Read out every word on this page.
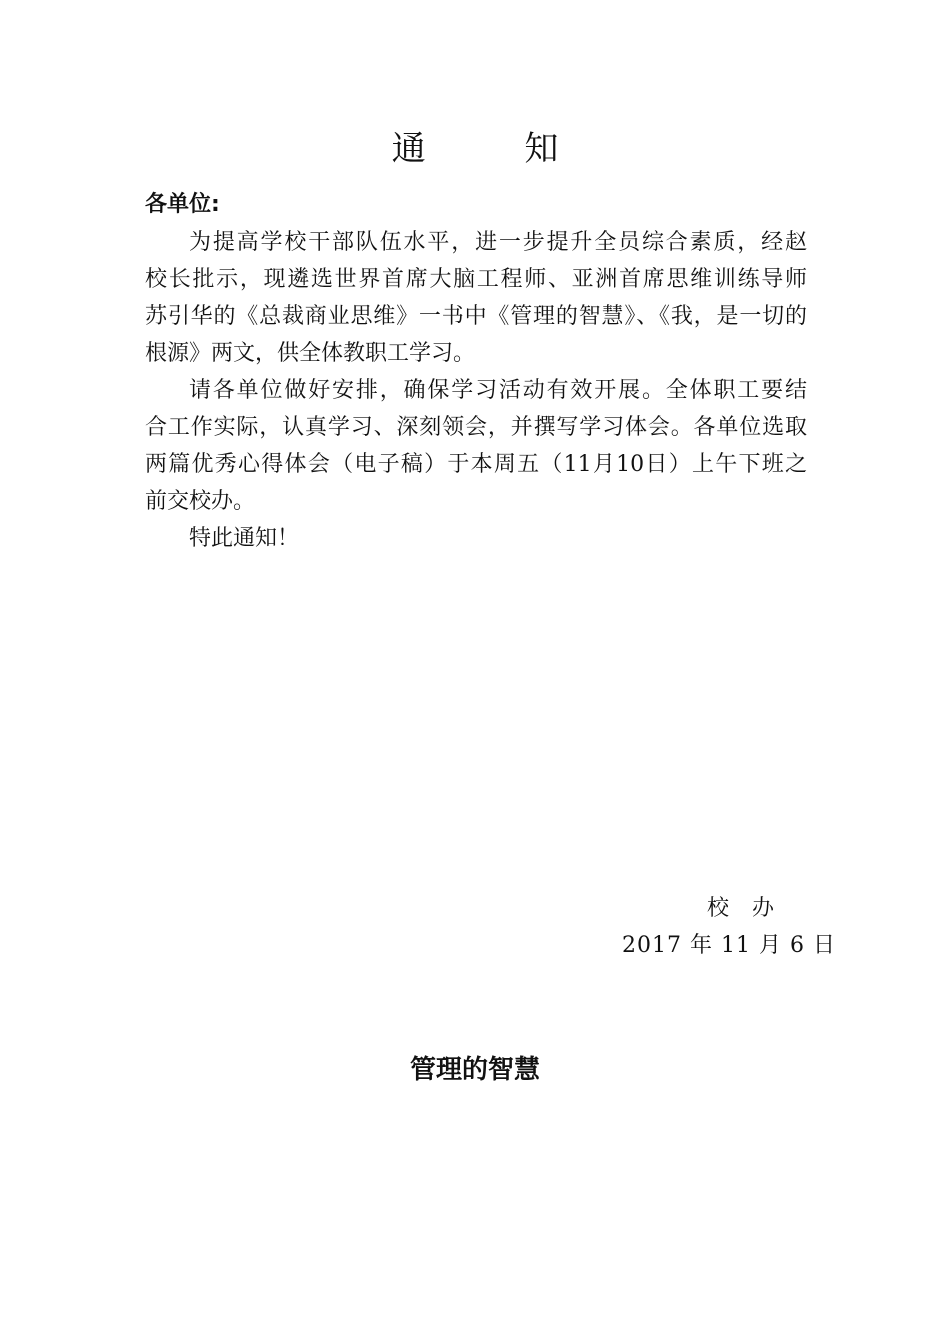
通 知
各单位:
为提高学校干部队伍水平，进一步提升全员综合素质，经赵
校长批示，现遴选世界首席大脑工程师、亚洲首席思维训练导师
苏引华的《总裁商业思维》一书中《管理的智慧》、《我，是一切的
根源》两文，供全体教职工学习。
请各单位做好安排，确保学习活动有效开展。全体职工要结
合工作实际，认真学习、深刻领会，并撰写学习体会。各单位选取
两篇优秀心得体会（电子稿）于本周五（11月10日）上午下班之
前交校办。
特此通知！
校 办
2017 年 11 月 6 日
管理的智慧
